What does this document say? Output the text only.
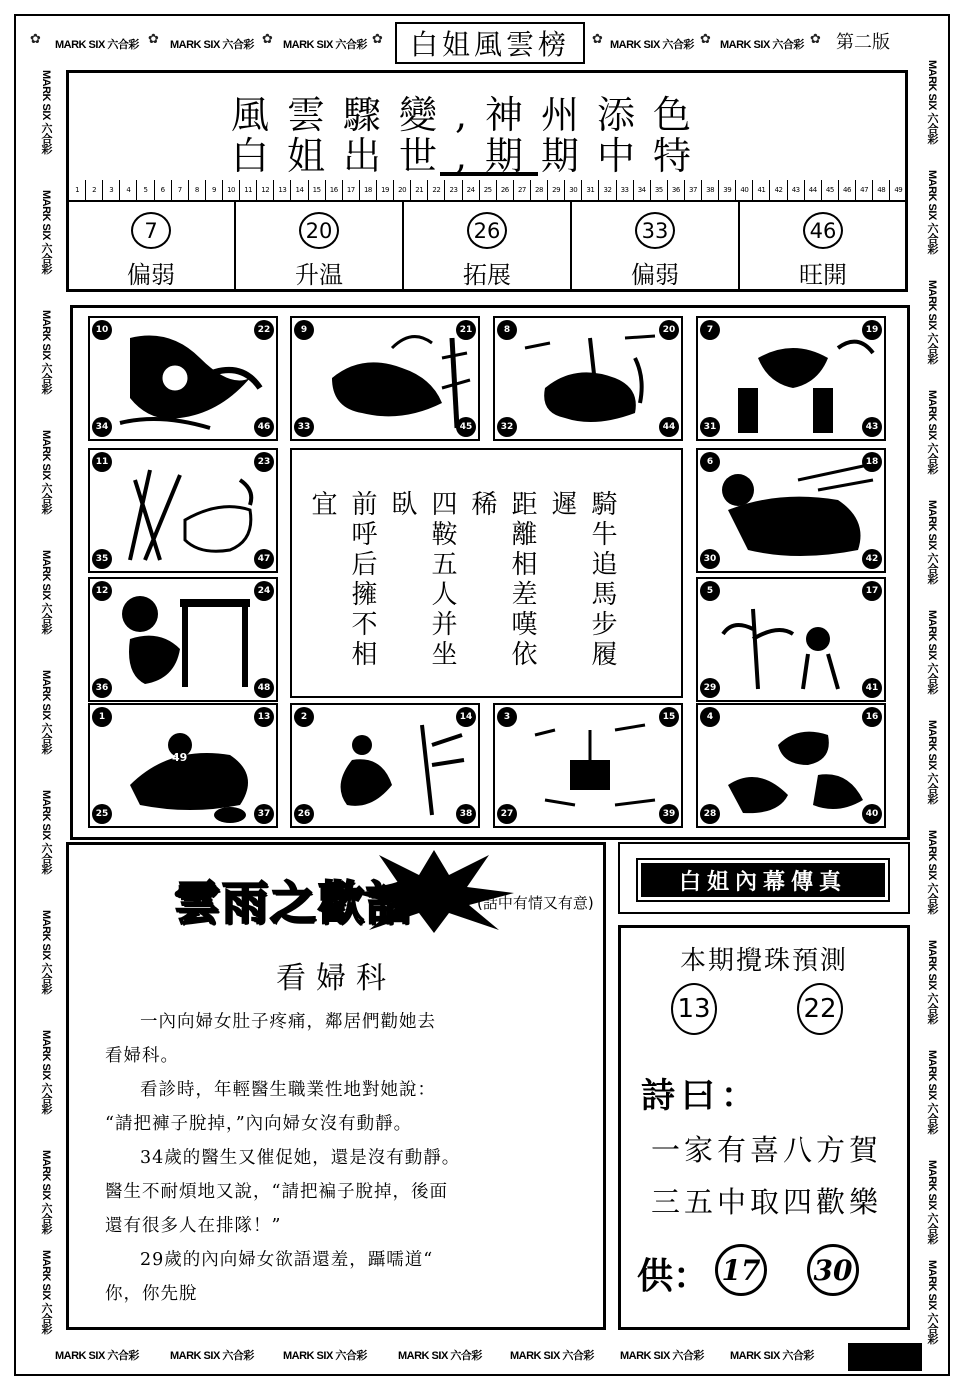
MARK SIX 六合彩	MARK SIX 六合彩	MARK SIX 六合彩	MARK SIX 六合彩 MARK SIX 六合彩
✿	✿	✿	✿	✿	✿	✿
白姐風雲榜	第二版
MARK SIX 六合彩
MARK SIX 六合彩
MARK SIX 六合彩
MARK SIX 六合彩
MARK SIX 六合彩
MARK SIX 六合彩
MARK SIX 六合彩
MARK SIX 六合彩
MARK SIX 六合彩
MARK SIX 六合彩
MARK SIX 六合彩
MARK SIX 六合彩
MARK SIX 六合彩
MARK SIX 六合彩
MARK SIX 六合彩
MARK SIX 六合彩
MARK SIX 六合彩
MARK SIX 六合彩
MARK SIX 六合彩
MARK SIX 六合彩
MARK SIX 六合彩
MARK SIX 六合彩
MARK SIX 六合彩
MARK SIX 六合彩	MARK SIX 六合彩	MARK SIX 六合彩	MARK SIX 六合彩	MARK SIX 六合彩 MARK SIX 六合彩 MARK SIX 六合彩
風雲驟變,神州添色
白姐出世,期期中特
1	2	3	4	5	6	7	8	9	10	11	12	13	14	15	16	17	18	19	20	21	22	23	24	25	26	27	28	29	30	31	32	33	34	35	36	37	38	39	40	41	42	43	44	45	46	47	48	49
7
偏弱
20
升温
26
拓展
33
偏弱
46
旺開
10	22
34	46
9	21
33	45
8	20
32	44
7	19
31	43
11	23
35	47
6	18
30	42
12	24
36	48
5	17
29	41
49
1	13
25	37
2	14
26	38
3	15
27	39
4	16
28	40
騎牛追馬步履遲
距離相差嘆依稀
四鞍五人并坐臥
前呼后擁不相宜
雲雨之歡話	(話中有情又有意)
看婦科

一內向婦女肚子疼痛，鄰居們勸她去

看婦科。

看診時，年輕醫生職業性地對她說：

“請把褲子脫掉，”內向婦女沒有動靜。

34歲的醫生又催促她，還是沒有動靜。

醫生不耐煩地又說，“請把褊子脫掉，後面

還有很多人在排隊！”

29歲的內向婦女欲語還羞，躡嚅道“

你，你先脫

白姐內幕傳真
本期攪珠預測
13	22
詩曰：
一家有喜八方賀
三五中取四歡樂
供： 17 30
